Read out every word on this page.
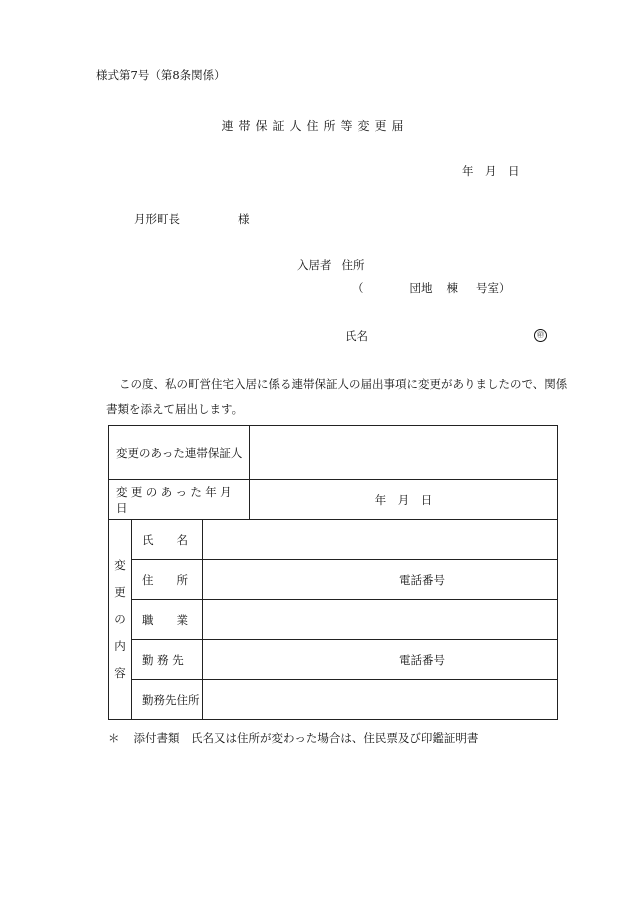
様式第7号（第8条関係）
連帯保証人住所等変更届
年　月　日
月形町長	様
入居者 住所
（	団地 棟 号室）
氏名	㊞
この度、私の町営住宅入居に係る連帯保証人の届出事項に変更がありましたので、関係書類を添えて届出します。
変更のあった連帯保証人			
変更のあった年月日			年　月　日

変
更
の
内
容	氏　　名		
	住　　所	電話番号	
	職　　業		
	勤 務 先	電話番号	
	勤務先住所		
＊ 添付書類　氏名又は住所が変わった場合は、住民票及び印鑑証明書
